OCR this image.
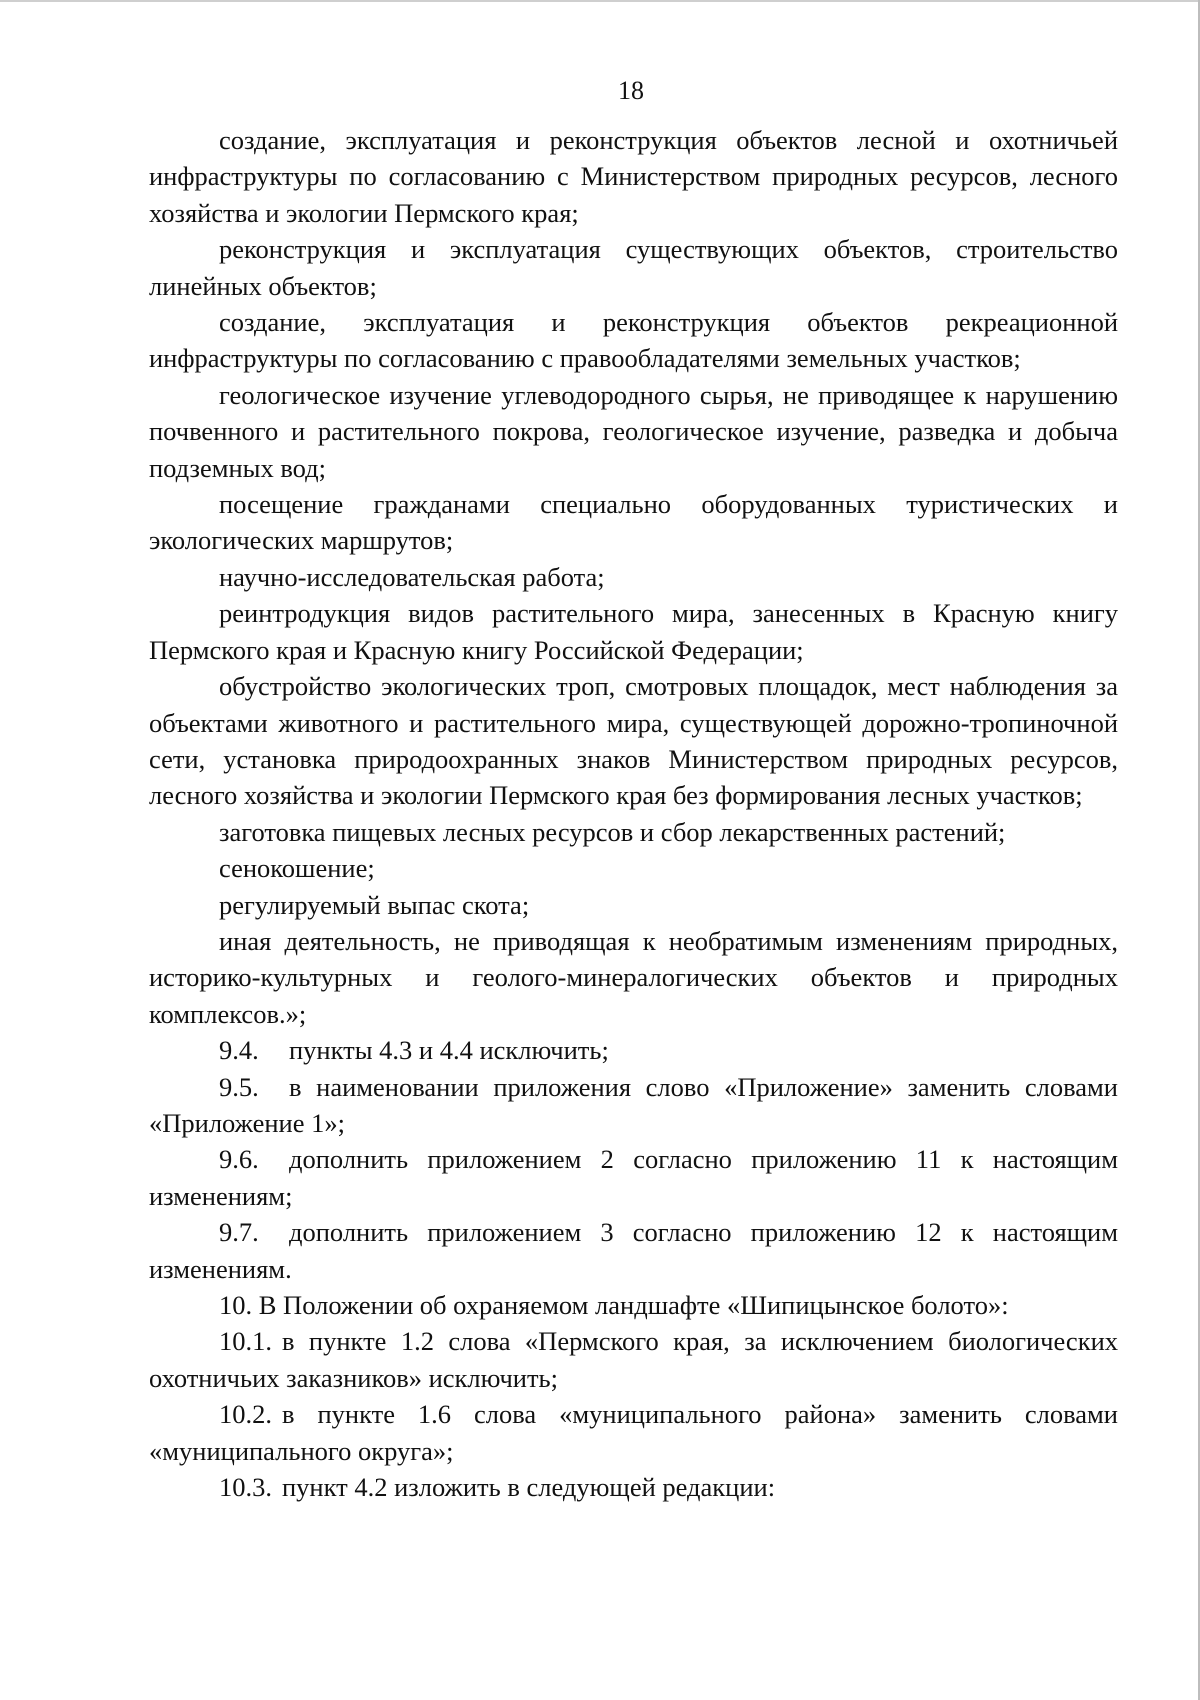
18

создание, эксплуатация и реконструкция объектов лесной и охотничьей инфраструктуры по согласованию с Министерством природных ресурсов, лесного хозяйства и экологии Пермского края;

реконструкция и эксплуатация существующих объектов, строительство линейных объектов;

создание, эксплуатация и реконструкция объектов рекреационной инфраструктуры по согласованию с правообладателями земельных участков;

геологическое изучение углеводородного сырья, не приводящее к нарушению почвенного и растительного покрова, геологическое изучение, разведка и добыча подземных вод;

посещение гражданами специально оборудованных туристических и экологических маршрутов;

научно-исследовательская работа;

реинтродукция видов растительного мира, занесенных в Красную книгу Пермского края и Красную книгу Российской Федерации;

обустройство экологических троп, смотровых площадок, мест наблюдения за объектами животного и растительного мира, существующей дорожно-тропиночной сети, установка природоохранных знаков Министерством природных ресурсов, лесного хозяйства и экологии Пермского края без формирования лесных участков;

заготовка пищевых лесных ресурсов и сбор лекарственных растений;

сенокошение;

регулируемый выпас скота;

иная деятельность, не приводящая к необратимым изменениям природных, историко-культурных и геолого-минералогических объектов и природных комплексов.»;

9.4. пункты 4.3 и 4.4 исключить;

9.5. в наименовании приложения слово «Приложение» заменить словами «Приложение 1»;

9.6. дополнить приложением 2 согласно приложению 11 к настоящим изменениям;

9.7. дополнить приложением 3 согласно приложению 12 к настоящим изменениям.

10. В Положении об охраняемом ландшафте «Шипицынское болото»:

10.1. в пункте 1.2 слова «Пермского края, за исключением биологических охотничьих заказников» исключить;

10.2. в пункте 1.6 слова «муниципального района» заменить словами «муниципального округа»;

10.3. пункт 4.2 изложить в следующей редакции:
